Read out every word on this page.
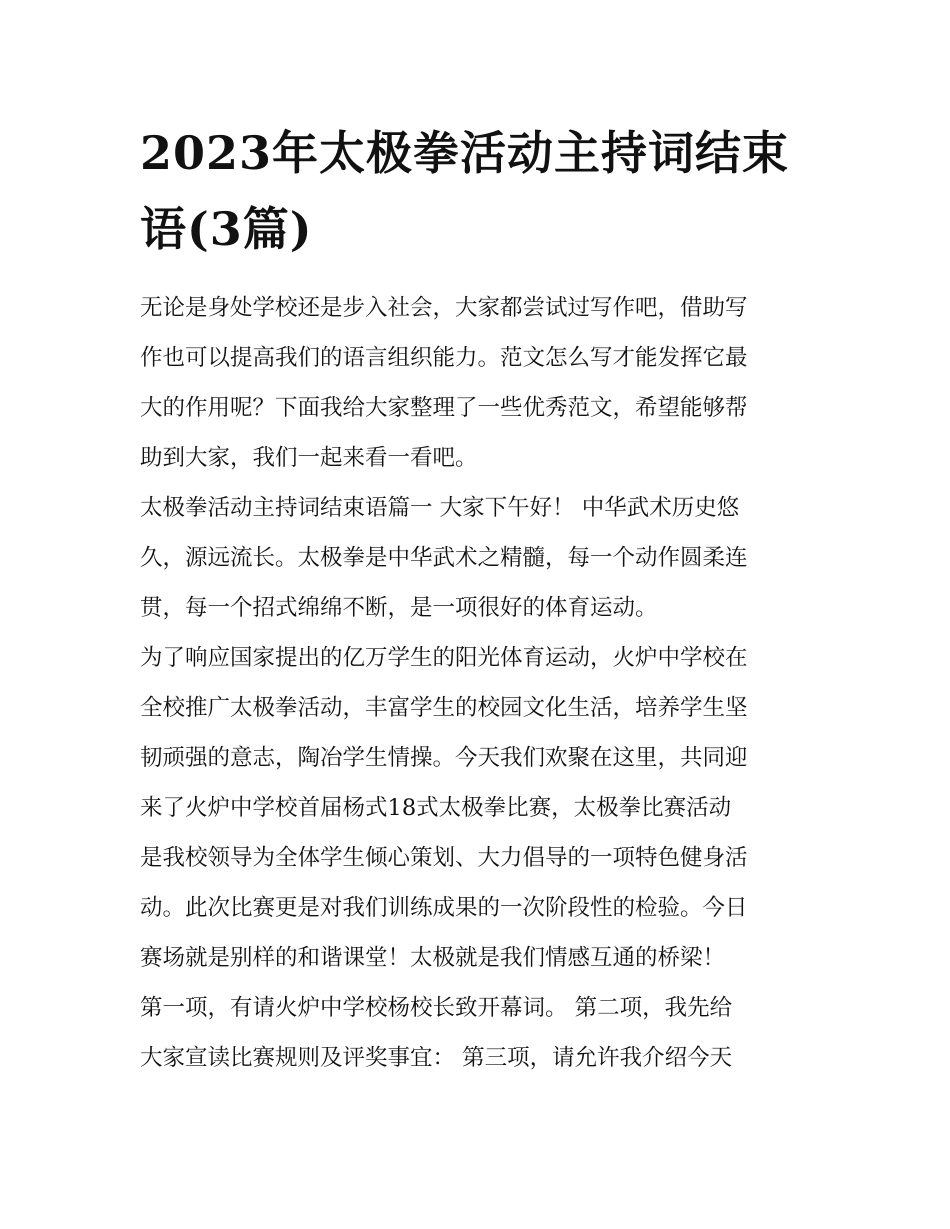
2023年太极拳活动主持词结束
语(3篇)

无论是身处学校还是步入社会，大家都尝试过写作吧，借助写
作也可以提高我们的语言组织能力。范文怎么写才能发挥它最
大的作用呢？下面我给大家整理了一些优秀范文，希望能够帮
助到大家，我们一起来看一看吧。

太极拳活动主持词结束语篇一 大家下午好！ 中华武术历史悠
久，源远流长。太极拳是中华武术之精髓，每一个动作圆柔连
贯，每一个招式绵绵不断，是一项很好的体育运动。

为了响应国家提出的亿万学生的阳光体育运动，火炉中学校在
全校推广太极拳活动，丰富学生的校园文化生活，培养学生坚
韧顽强的意志，陶冶学生情操。今天我们欢聚在这里，共同迎
来了火炉中学校首届杨式18式太极拳比赛，太极拳比赛活动
是我校领导为全体学生倾心策划、大力倡导的一项特色健身活
动。此次比赛更是对我们训练成果的一次阶段性的检验。今日
赛场就是别样的和谐课堂！太极就是我们情感互通的桥梁！

第一项，有请火炉中学校杨校长致开幕词。 第二项，我先给
大家宣读比赛规则及评奖事宜： 第三项，请允许我介绍今天
